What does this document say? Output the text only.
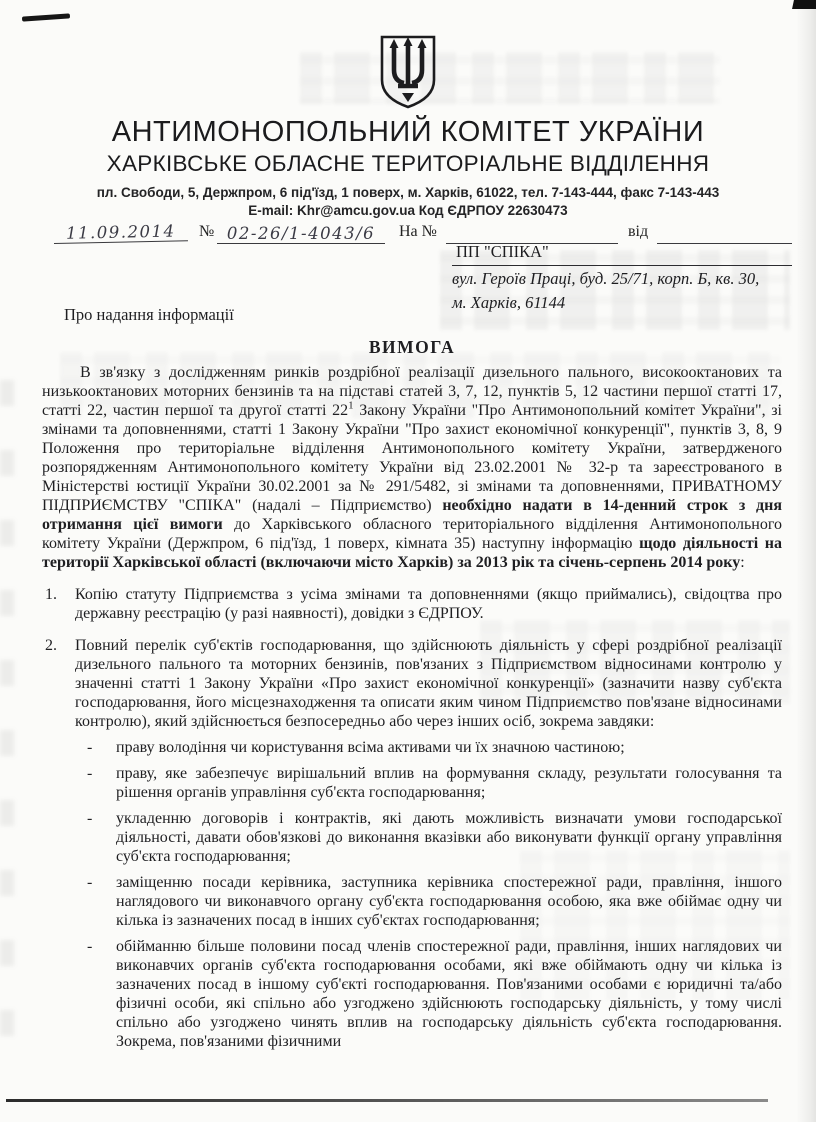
АНТИМОНОПОЛЬНИЙ КОМІТЕТ УКРАЇНИ
ХАРКІВСЬКЕ ОБЛАСНЕ ТЕРИТОРІАЛЬНЕ ВІДДІЛЕННЯ
пл. Свободи, 5, Держпром, 6 під'їзд, 1 поверх, м. Харків, 61022, тел. 7-143-444, факс 7-143-443
E-mail: Khr@amcu.gov.ua Код ЄДРПОУ 22630473
11.09.2014	№ 02-26/1-4043/6	На №	від
ПП "СПІКА"
вул. Героїв Праці, буд. 25/71, корп. Б, кв. 30,
м. Харків, 61144
Про надання інформації
ВИМОГА

В зв'язку з дослідженням ринків роздрібної реалізації дизельного пального, високооктанових та низькооктанових моторних бензинів та на підставі статей 3, 7, 12, пунктів 5, 12 частини першої статті 17, статті 22, частин першої та другої статті $22^1$ Закону України "Про Антимонопольний комітет України", зі змінами та доповненнями, статті 1 Закону України "Про захист економічної конкуренції", пунктів 3, 8, 9 Положення про територіальне відділення Антимонопольного комітету України, затвердженого розпорядженням Антимонопольного комітету України від 23.02.2001 № 32-р та зареєстрованого в Міністерстві юстиції України 30.02.2001 за № 291/5482, зі змінами та доповненнями, ПРИВАТНОМУ ПІДПРИЄМСТВУ "СПІКА" (надалі – Підприємство) необхідно надати в 14-денний строк з дня отримання цієї вимоги до Харківського обласного територіального відділення Антимонопольного комітету України (Держпром, 6 під'їзд, 1 поверх, кімната 35) наступну інформацію щодо діяльності на території Харківської області (включаючи місто Харків) за 2013 рік та січень-серпень 2014 року:

Копію статуту Підприємства з усіма змінами та доповненнями (якщо приймались), свідоцтва про державну реєстрацію (у разі наявності), довідки з ЄДРПОУ.
Повний перелік суб'єктів господарювання, що здійснюють діяльність у сфері роздрібної реалізації дизельного пального та моторних бензинів, пов'язаних з Підприємством відносинами контролю у значенні статті 1 Закону України «Про захист економічної конкуренції» (зазначити назву суб'єкта господарювання, його місцезнаходження та описати яким чином Підприємство пов'язане відносинами контролю), який здійснюється безпосередньо або через інших осіб, зокрема завдяки:
- праву володіння чи користування всіма активами чи їх значною частиною;
- праву, яке забезпечує вирішальний вплив на формування складу, результати голосування та рішення органів управління суб'єкта господарювання;
- укладенню договорів і контрактів, які дають можливість визначати умови господарської діяльності, давати обов'язкові до виконання вказівки або виконувати функції органу управління суб'єкта господарювання;
- заміщенню посади керівника, заступника керівника спостережної ради, правління, іншого наглядового чи виконавчого органу суб'єкта господарювання особою, яка вже обіймає одну чи кілька із зазначених посад в інших суб'єктах господарювання;
- обійманню більше половини посад членів спостережної ради, правління, інших наглядових чи виконавчих органів суб'єкта господарювання особами, які вже обіймають одну чи кілька із зазначених посад в іншому суб'єкті господарювання. Пов'язаними особами є юридичні та/або фізичні особи, які спільно або узгоджено здійснюють господарську діяльність, у тому числі спільно або узгоджено чинять вплив на господарську діяльність суб'єкта господарювання. Зокрема, пов'язаними фізичними
